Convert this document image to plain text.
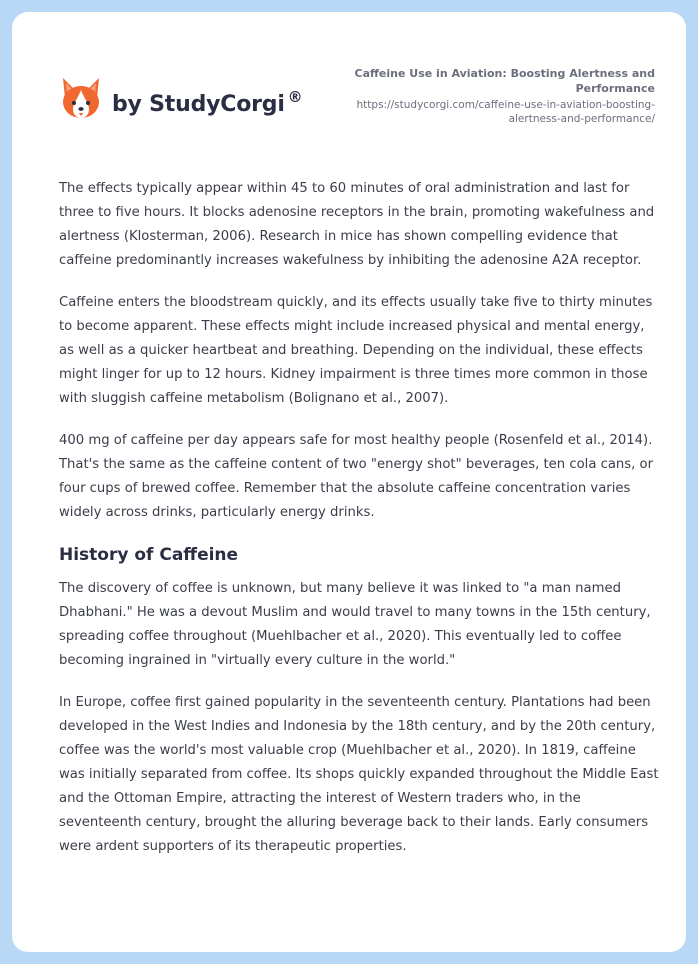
by StudyCorgi ®

Caffeine Use in Aviation: Boosting Alertness and Performance

https://studycorgi.com/caffeine-use-in-aviation-boosting-alertness-and-performance/

The effects typically appear within 45 to 60 minutes of oral administration and last for three to five hours. It blocks adenosine receptors in the brain, promoting wakefulness and alertness (Klosterman, 2006). Research in mice has shown compelling evidence that caffeine predominantly increases wakefulness by inhibiting the adenosine A2A receptor.

Caffeine enters the bloodstream quickly, and its effects usually take five to thirty minutes to become apparent. These effects might include increased physical and mental energy, as well as a quicker heartbeat and breathing. Depending on the individual, these effects might linger for up to 12 hours. Kidney impairment is three times more common in those with sluggish caffeine metabolism (Bolignano et al., 2007).

400 mg of caffeine per day appears safe for most healthy people (Rosenfeld et al., 2014). That's the same as the caffeine content of two "energy shot" beverages, ten cola cans, or four cups of brewed coffee. Remember that the absolute caffeine concentration varies widely across drinks, particularly energy drinks.

History of Caffeine

The discovery of coffee is unknown, but many believe it was linked to "a man named Dhabhani." He was a devout Muslim and would travel to many towns in the 15th century, spreading coffee throughout (Muehlbacher et al., 2020). This eventually led to coffee becoming ingrained in "virtually every culture in the world."

In Europe, coffee first gained popularity in the seventeenth century. Plantations had been developed in the West Indies and Indonesia by the 18th century, and by the 20th century, coffee was the world's most valuable crop (Muehlbacher et al., 2020). In 1819, caffeine was initially separated from coffee. Its shops quickly expanded throughout the Middle East and the Ottoman Empire, attracting the interest of Western traders who, in the seventeenth century, brought the alluring beverage back to their lands. Early consumers were ardent supporters of its therapeutic properties.
